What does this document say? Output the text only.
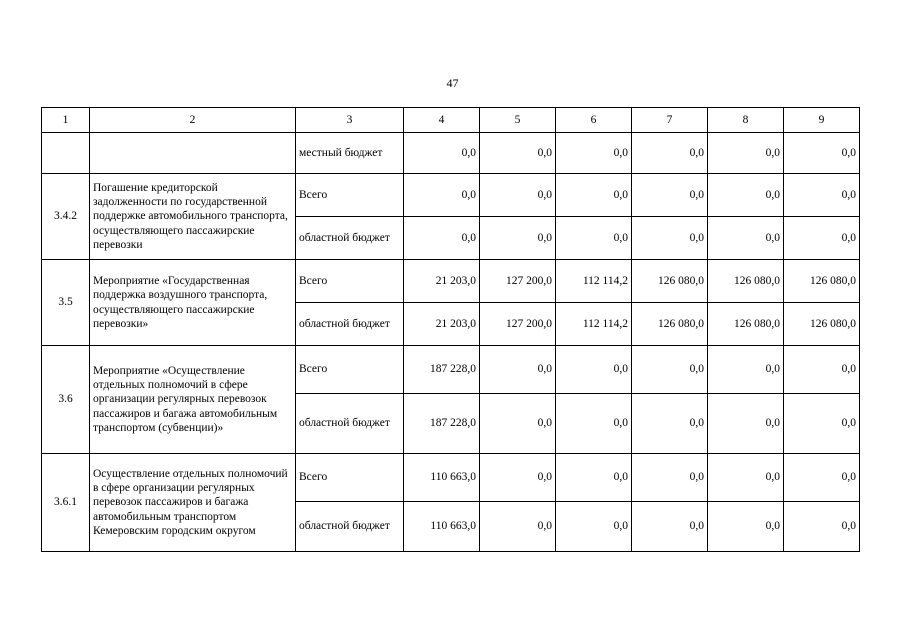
47
1	2	3	4	5	6	7	8	9
		местный бюджет	0,0	0,0	0,0	0,0	0,0	0,0
3.4.2	Погашение кредиторской задолженности по государственной поддержке автомобильного транспорта, осуществляющего пассажирские перевозки	Всего	0,0	0,0	0,0	0,0	0,0	0,0
		областной бюджет	0,0	0,0	0,0	0,0	0,0	0,0
3.5	Мероприятие «Государственная поддержка воздушного транспорта, осуществляющего пассажирские перевозки»	Всего	21 203,0	127 200,0	112 114,2	126 080,0	126 080,0	126 080,0
		областной бюджет	21 203,0	127 200,0	112 114,2	126 080,0	126 080,0	126 080,0
3.6	Мероприятие «Осуществление отдельных полномочий в сфере организации регулярных перевозок пассажиров и багажа автомобильным транспортом (субвенции)»	Всего	187 228,0	0,0	0,0	0,0	0,0	0,0
		областной бюджет	187 228,0	0,0	0,0	0,0	0,0	0,0
3.6.1	Осуществление отдельных полномочий в сфере организации регулярных перевозок пассажиров и багажа автомобильным транспортом Кемеровским городским округом	Всего	110 663,0	0,0	0,0	0,0	0,0	0,0
		областной бюджет	110 663,0	0,0	0,0	0,0	0,0	0,0
